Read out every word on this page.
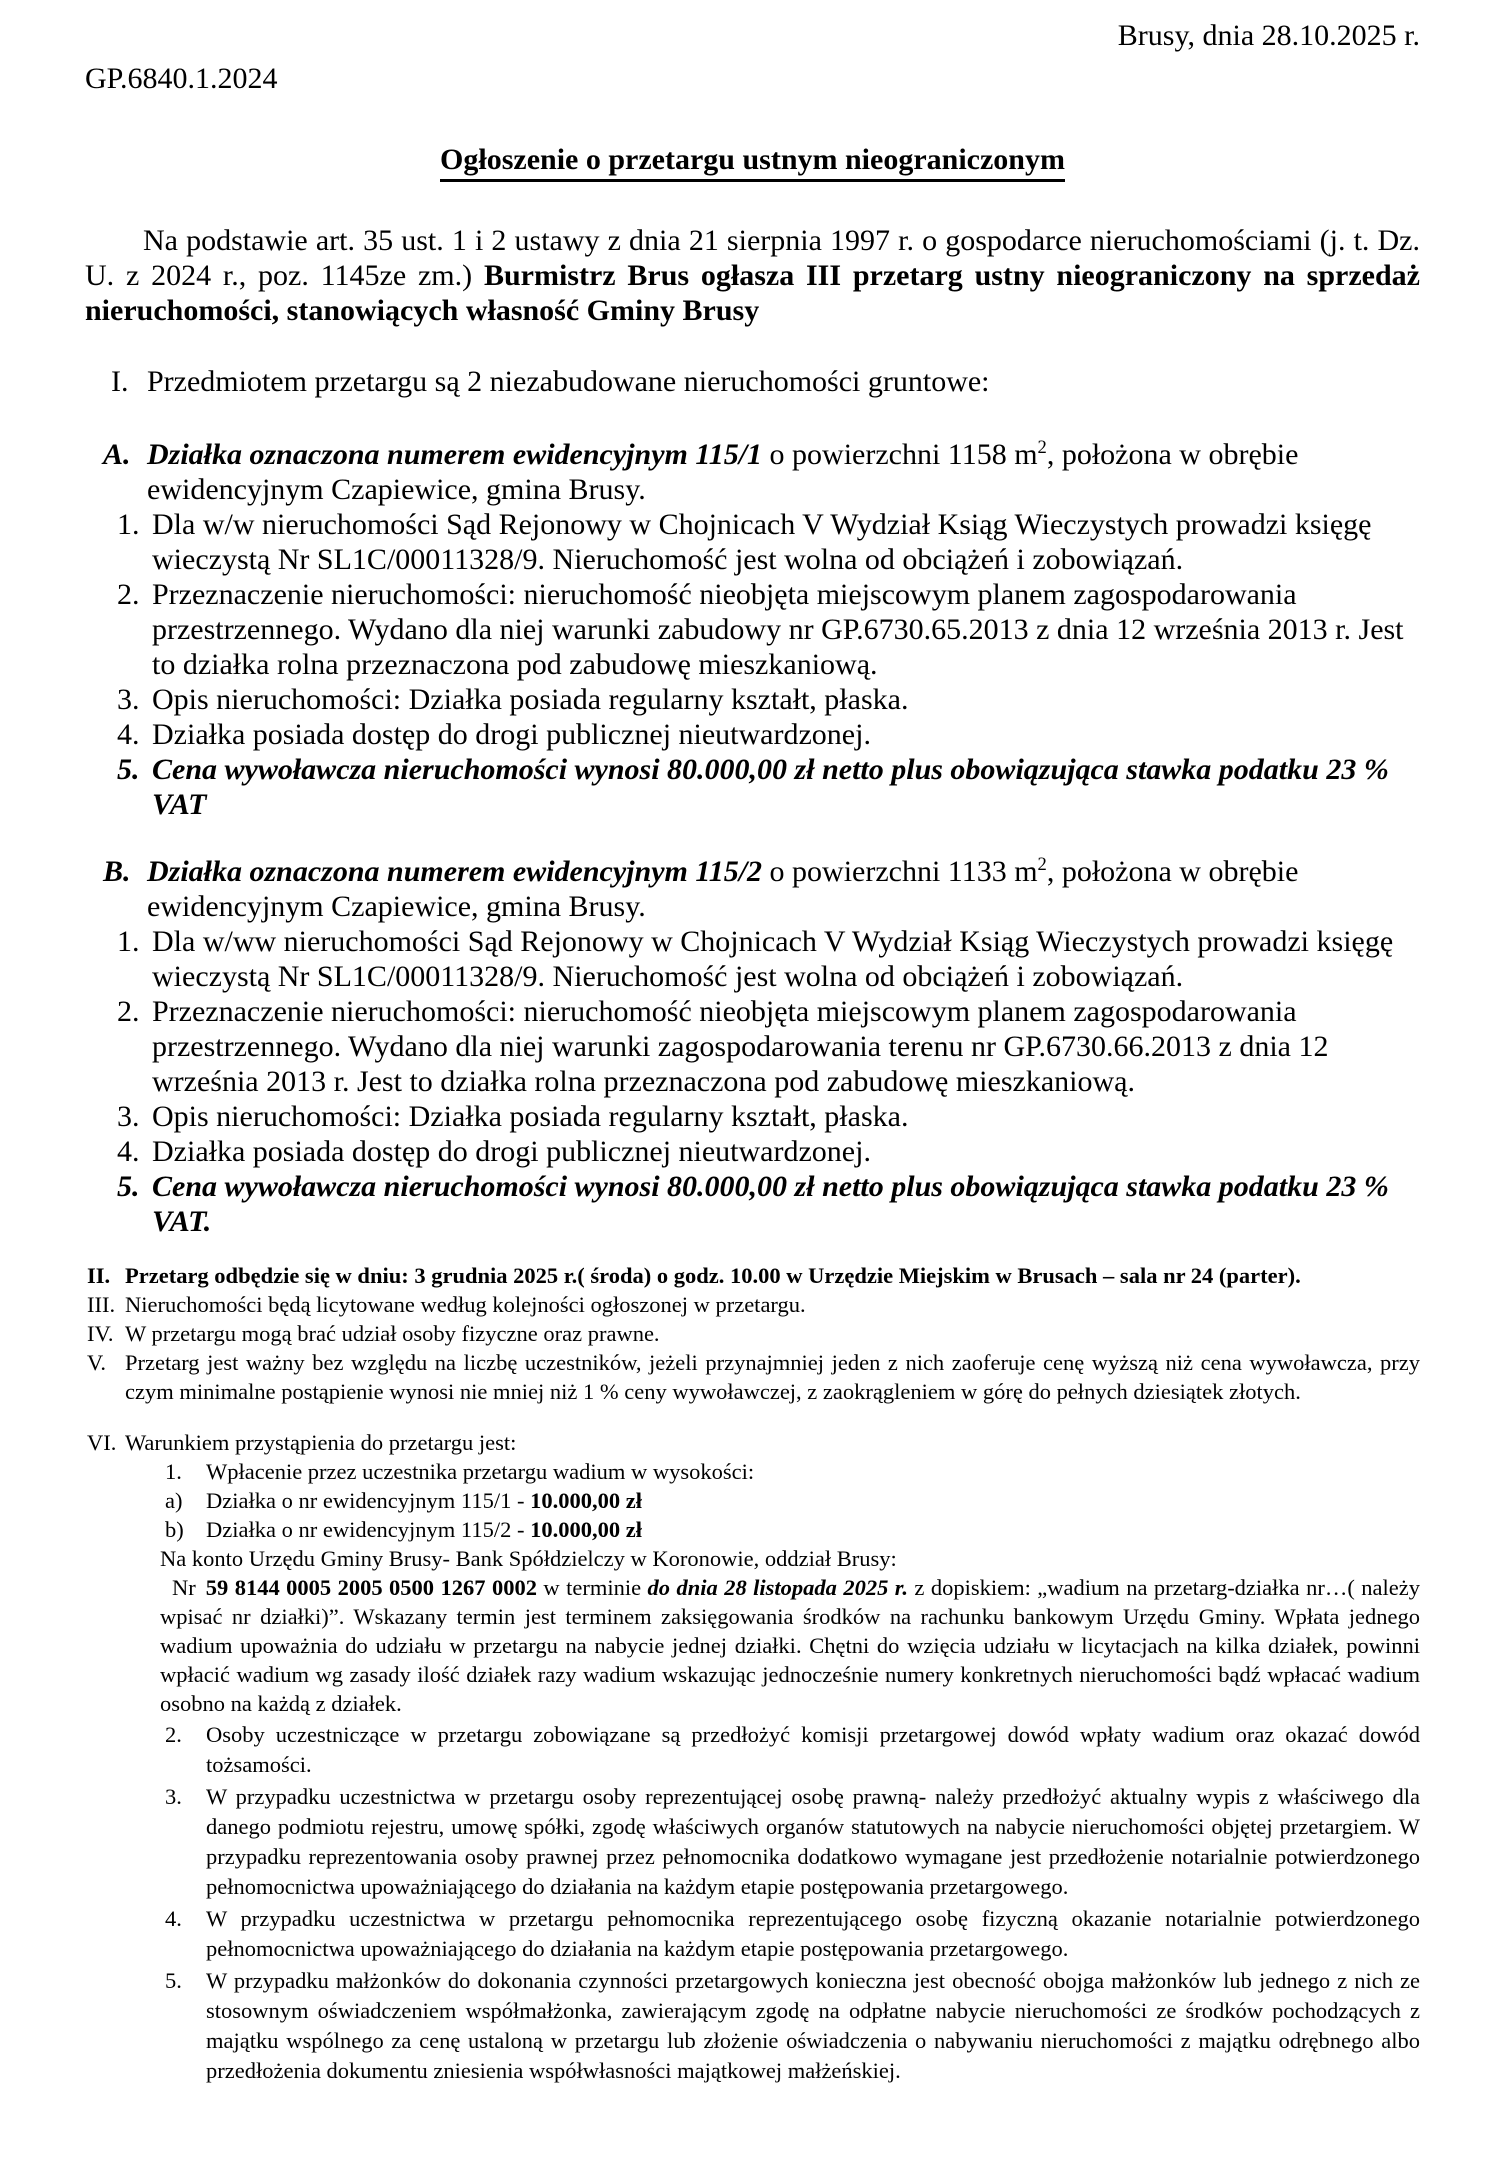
Brusy, dnia 28.10.2025 r.
GP.6840.1.2024
Ogłoszenie o przetargu ustnym nieograniczonym

Na podstawie art. 35 ust. 1 i 2 ustawy z dnia 21 sierpnia 1997 r. o gospodarce nieruchomościami (j. t. Dz. U. z 2024 r., poz. 1145ze zm.) Burmistrz Brus ogłasza III przetarg ustny nieograniczony na sprzedaż nieruchomości, stanowiących własność Gminy Brusy

I. Przedmiotem przetargu są 2 niezabudowane nieruchomości gruntowe:
A. Działka oznaczona numerem ewidencyjnym 115/1 o powierzchni 1158 $m^2$, położona w obrębie ewidencyjnym Czapiewice, gmina Brusy.
1. Dla w/w nieruchomości Sąd Rejonowy w Chojnicach V Wydział Ksiąg Wieczystych prowadzi księgę wieczystą Nr SL1C/00011328/9. Nieruchomość jest wolna od obciążeń i zobowiązań.
2. Przeznaczenie nieruchomości: nieruchomość nieobjęta miejscowym planem zagospodarowania przestrzennego. Wydano dla niej warunki zabudowy nr GP.6730.65.2013 z dnia 12 września 2013 r. Jest to działka rolna przeznaczona pod zabudowę mieszkaniową.
3. Opis nieruchomości: Działka posiada regularny kształt, płaska.
4. Działka posiada dostęp do drogi publicznej nieutwardzonej.
5. Cena wywoławcza nieruchomości wynosi 80.000,00 zł netto plus obowiązująca stawka podatku 23 % VAT
B. Działka oznaczona numerem ewidencyjnym 115/2 o powierzchni 1133 $m^2$, położona w obrębie ewidencyjnym Czapiewice, gmina Brusy.
1. Dla w/ww nieruchomości Sąd Rejonowy w Chojnicach V Wydział Ksiąg Wieczystych prowadzi księgę wieczystą Nr SL1C/00011328/9. Nieruchomość jest wolna od obciążeń i zobowiązań.
2. Przeznaczenie nieruchomości: nieruchomość nieobjęta miejscowym planem zagospodarowania przestrzennego. Wydano dla niej warunki zagospodarowania terenu nr GP.6730.66.2013 z dnia 12 września 2013 r. Jest to działka rolna przeznaczona pod zabudowę mieszkaniową.
3. Opis nieruchomości: Działka posiada regularny kształt, płaska.
4. Działka posiada dostęp do drogi publicznej nieutwardzonej.
5. Cena wywoławcza nieruchomości wynosi 80.000,00 zł netto plus obowiązująca stawka podatku 23 % VAT.
II. Przetarg odbędzie się w dniu: 3 grudnia 2025 r.( środa) o godz. 10.00 w Urzędzie Miejskim w Brusach – sala nr 24 (parter).
III. Nieruchomości będą licytowane według kolejności ogłoszonej w przetargu.
IV. W przetargu mogą brać udział osoby fizyczne oraz prawne.
V. Przetarg jest ważny bez względu na liczbę uczestników, jeżeli przynajmniej jeden z nich zaoferuje cenę wyższą niż cena wywoławcza, przy czym minimalne postąpienie wynosi nie mniej niż 1 % ceny wywoławczej, z zaokrągleniem w górę do pełnych dziesiątek złotych.
VI. Warunkiem przystąpienia do przetargu jest:
1.	Wpłacenie przez uczestnika przetargu wadium w wysokości:
a)	Działka o nr ewidencyjnym 115/1 - 10.000,00 zł
b) Działka o nr ewidencyjnym 115/2 - 10.000,00 zł
Na konto Urzędu Gminy Brusy- Bank Spółdzielczy w Koronowie, oddział Brusy:

Nr 59 8144 0005 2005 0500 1267 0002 w terminie do dnia 28 listopada 2025 r. z dopiskiem: „wadium na przetarg-działka nr…( należy wpisać nr działki)”. Wskazany termin jest terminem zaksięgowania środków na rachunku bankowym Urzędu Gminy. Wpłata jednego wadium upoważnia do udziału w przetargu na nabycie jednej działki. Chętni do wzięcia udziału w licytacjach na kilka działek, powinni wpłacić wadium wg zasady ilość działek razy wadium wskazując jednocześnie numery konkretnych nieruchomości bądź wpłacać wadium osobno na każdą z działek.

2.	Osoby uczestniczące w przetargu zobowiązane są przedłożyć komisji przetargowej dowód wpłaty wadium oraz okazać dowód tożsamości.
3.	W przypadku uczestnictwa w przetargu osoby reprezentującej osobę prawną- należy przedłożyć aktualny wypis z właściwego dla danego podmiotu rejestru, umowę spółki, zgodę właściwych organów statutowych na nabycie nieruchomości objętej przetargiem. W przypadku reprezentowania osoby prawnej przez pełnomocnika dodatkowo wymagane jest przedłożenie notarialnie potwierdzonego pełnomocnictwa upoważniającego do działania na każdym etapie postępowania przetargowego.
4.	W przypadku uczestnictwa w przetargu pełnomocnika reprezentującego osobę fizyczną okazanie notarialnie potwierdzonego pełnomocnictwa upoważniającego do działania na każdym etapie postępowania przetargowego.
5.	W przypadku małżonków do dokonania czynności przetargowych konieczna jest obecność obojga małżonków lub jednego z nich ze stosownym oświadczeniem współmałżonka, zawierającym zgodę na odpłatne nabycie nieruchomości ze środków pochodzących z majątku wspólnego za cenę ustaloną w przetargu lub złożenie oświadczenia o nabywaniu nieruchomości z majątku odrębnego albo przedłożenia dokumentu zniesienia współwłasności majątkowej małżeńskiej.
